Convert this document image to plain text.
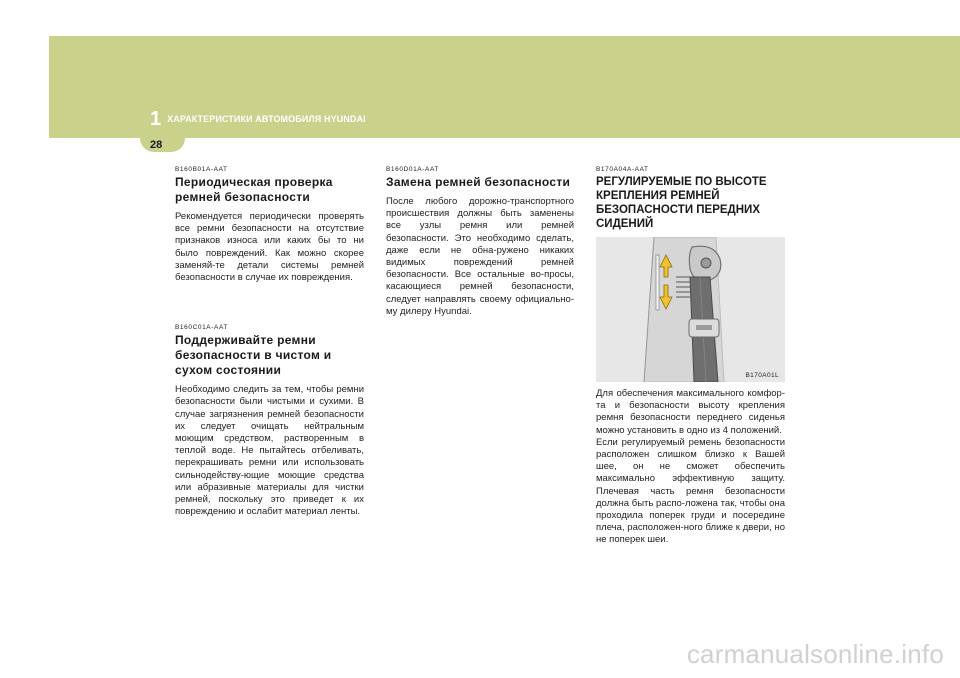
1 ХАРАКТЕРИСТИКИ АВТОМОБИЛЯ HYUNDAI
28
B160B01A-AAT
Периодическая проверка ремней безопасности

Рекомендуется периодически проверять все ремни безопасности на отсутствие признаков износа или каких бы то ни было повреждений. Как можно скорее заменяй-те детали системы ремней безопасности в случае их повреждения.

B160C01A-AAT
Поддерживайте ремни безопасности в чистом и сухом состоянии

Необходимо следить за тем, чтобы ремни безопасности были чистыми и сухими. В случае загрязнения ремней безопасности их следует очищать нейтральным моющим средством, растворенным в теплой воде. Не пытайтесь отбеливать, перекрашивать ремни или использовать сильнодейству-ющие моющие средства или абразивные материалы для чистки ремней, поскольку это приведет к их повреждению и ослабит материал ленты.

B160D01A-AAT
Замена ремней безопасности

После любого дорожно-транспортного происшествия должны быть заменены все узлы ремня или ремней безопасности. Это необходимо сделать, даже если не обна-ружено никаких видимых повреждений ремней безопасности. Все остальные во-просы, касающиеся ремней безопасности, следует направлять своему официально-му дилеру Hyundai.

B170A04A-AAT
РЕГУЛИРУЕМЫЕ ПО ВЫСОТЕ КРЕПЛЕНИЯ РЕМНЕЙ БЕЗОПАСНОСТИ ПЕРЕДНИХ СИДЕНИЙ
B170A01L

Для обеспечения максимального комфор-та и безопасности высоту крепления ремня безопасности переднего сиденья можно установить в одно из 4 положений.
Если регулируемый ремень безопасности расположен слишком близко к Вашей шее, он не сможет обеспечить максимально эффективную защиту. Плечевая часть ремня безопасности должна быть распо-ложена так, чтобы она проходила поперек груди и посередине плеча, расположен-ного ближе к двери, но не поперек шеи.

carmanualsonline.info
